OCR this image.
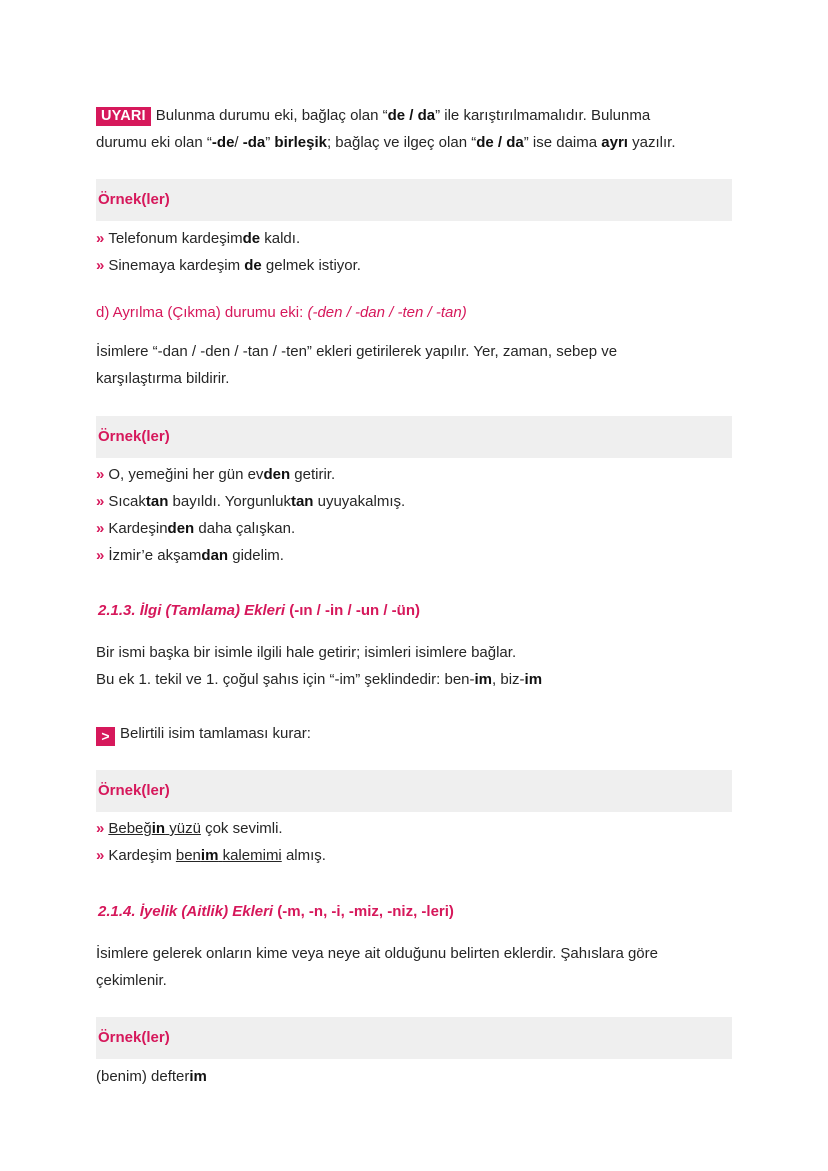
UYARI Bulunma durumu eki, bağlaç olan “de / da” ile karıştırılmamalıdır. Bulunma
durumu eki olan “-de/ -da” birleşik; bağlaç ve ilgeç olan “de / da” ise daima ayrı yazılır.
Örnek(ler)
» Telefonum kardeşimde kaldı.
» Sinemaya kardeşim de gelmek istiyor.
d) Ayrılma (Çıkma) durumu eki: (-den / -dan / -ten / -tan)
İsimlere “-dan / -den / -tan / -ten” ekleri getirilerek yapılır. Yer, zaman, sebep ve
karşılaştırma bildirir.
Örnek(ler)
» O, yemeğini her gün evden getirir.
» Sıcaktan bayıldı. Yorgunluktan uyuyakalmış.
» Kardeşinden daha çalışkan.
» İzmir’e akşamdan gidelim.
2.1.3. İlgi (Tamlama) Ekleri (-ın / -in / -un / -ün)
Bir ismi başka bir isimle ilgili hale getirir; isimleri isimlere bağlar.
Bu ek 1. tekil ve 1. çoğul şahıs için “-im” şeklindedir: ben-im, biz-im
> Belirtili isim tamlaması kurar:
Örnek(ler)
» Bebeğin yüzü çok sevimli.
» Kardeşim benim kalemimi almış.
2.1.4. İyelik (Aitlik) Ekleri (-m, -n, -i, -miz, -niz, -leri)
İsimlere gelerek onların kime veya neye ait olduğunu belirten eklerdir. Şahıslara göre
çekimlenir.
Örnek(ler)
(benim) defterim
